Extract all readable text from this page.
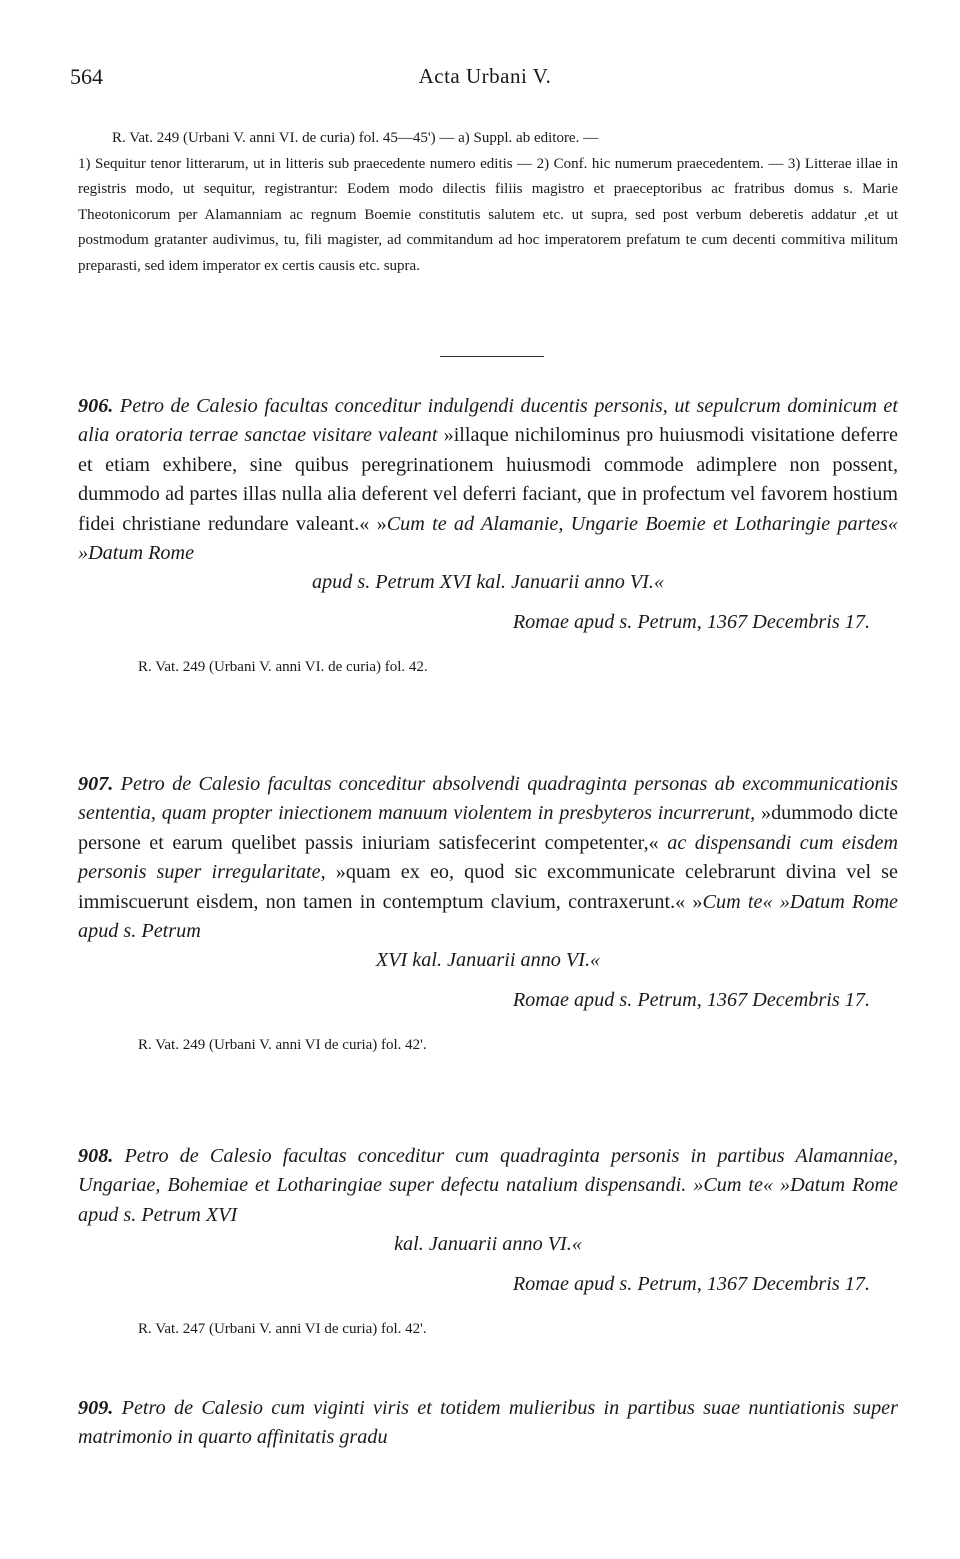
564	Acta Urbani V.

R. Vat. 249 (Urbani V. anni VI. de curia) fol. 45—45') — a) Suppl. ab editore. —

1) Sequitur tenor litterarum, ut in litteris sub praecedente numero editis — 2) Conf. hic numerum praecedentem. — 3) Litterae illae in registris modo, ut sequitur, registrantur: Eodem modo dilectis filiis magistro et praeceptoribus ac fratribus domus s. Marie Theotonicorum per Alamanniam ac regnum Boemie constitutis salutem etc. ut supra, sed post verbum deberetis addatur ,et ut postmodum gratanter audivimus, tu, fili magister, ad commitandum ad hoc imperatorem prefatum te cum decenti commitiva militum preparasti, sed idem imperator ex certis causis etc. supra.

906. Petro de Calesio facultas conceditur indulgendi ducentis personis, ut sepulcrum dominicum et alia oratoria terrae sanctae visitare valeant »illaque nichilominus pro huiusmodi visitatione deferre et etiam exhibere, sine quibus peregrinationem huiusmodi commode adimplere non possent, dummodo ad partes illas nulla alia deferent vel deferri faciant, que in profectum vel favorem hostium fidei christiane redundare valeant.« »Cum te ad Alamanie, Ungarie Boemie et Lotharingie partes« »Datum Rome

apud s. Petrum XVI kal. Januarii anno VI.«

Romae apud s. Petrum, 1367 Decembris 17.

R. Vat. 249 (Urbani V. anni VI. de curia) fol. 42.

907. Petro de Calesio facultas conceditur absolvendi quadraginta personas ab excommunicationis sententia, quam propter iniectionem manuum violentem in presbyteros incurrerunt, »dummodo dicte persone et earum quelibet passis iniuriam satisfecerint competenter,« ac dispensandi cum eisdem personis super irregularitate, »quam ex eo, quod sic excommunicate celebrarunt divina vel se immiscuerunt eisdem, non tamen in contemptum clavium, contraxerunt.« »Cum te« »Datum Rome apud s. Petrum

XVI kal. Januarii anno VI.«

Romae apud s. Petrum, 1367 Decembris 17.

R. Vat. 249 (Urbani V. anni VI de curia) fol. 42'.

908. Petro de Calesio facultas conceditur cum quadraginta personis in partibus Alamanniae, Ungariae, Bohemiae et Lotharingiae super defectu natalium dispensandi. »Cum te« »Datum Rome apud s. Petrum XVI

kal. Januarii anno VI.«

Romae apud s. Petrum, 1367 Decembris 17.

R. Vat. 247 (Urbani V. anni VI de curia) fol. 42'.

909. Petro de Calesio cum viginti viris et totidem mulieribus in partibus suae nuntiationis super matrimonio in quarto affinitatis gradu
